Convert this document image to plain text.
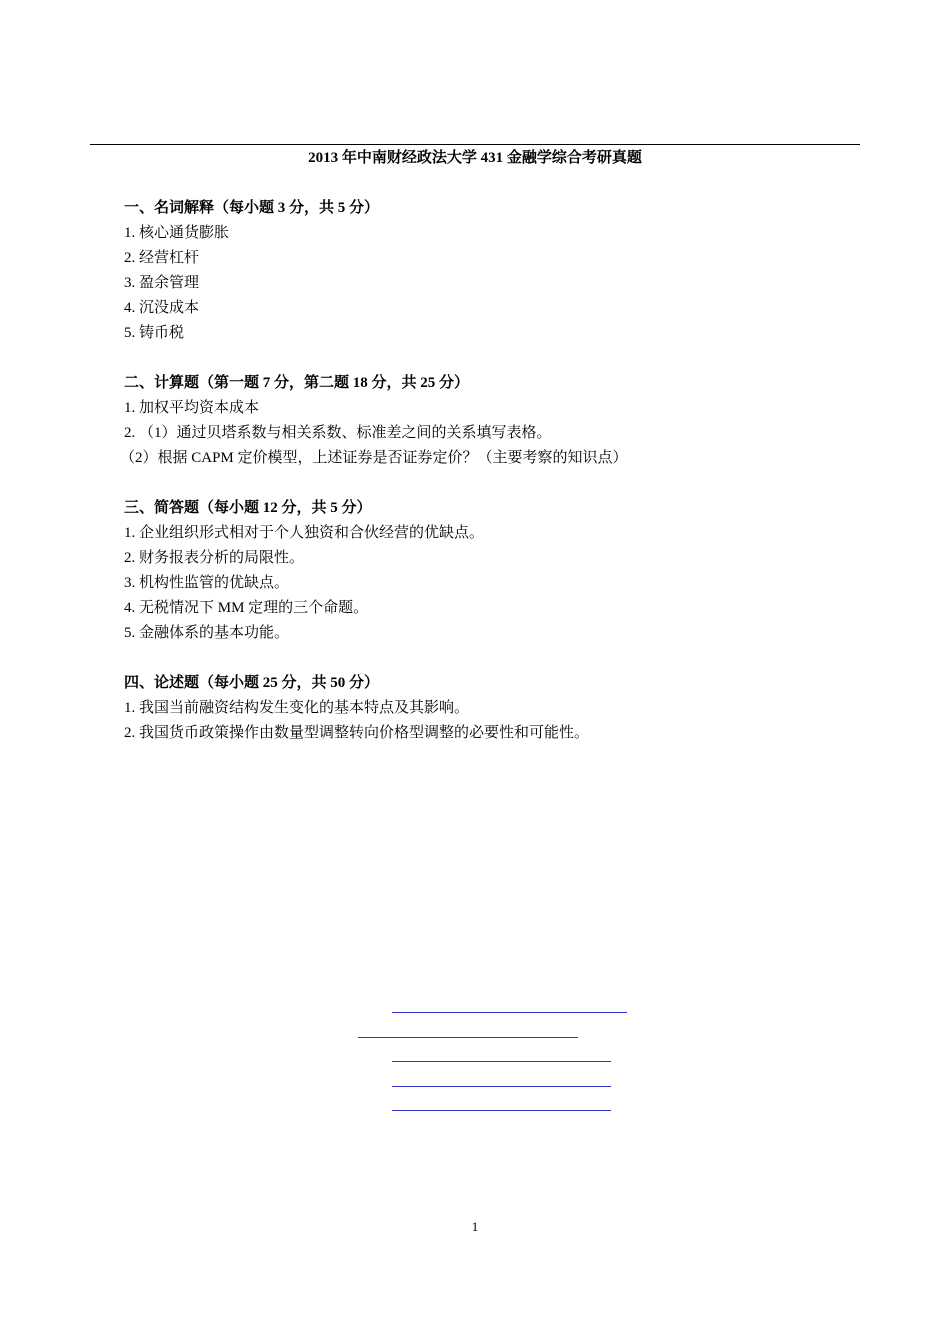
2013 年中南财经政法大学 431 金融学综合考研真题
一、名词解释（每小题 3 分，共 5 分）
1. 核心通货膨胀
2. 经营杠杆
3. 盈余管理
4. 沉没成本
5. 铸币税
二、计算题（第一题 7 分，第二题 18 分，共 25 分）
1. 加权平均资本成本
2. （1）通过贝塔系数与相关系数、标准差之间的关系填写表格。
（2）根据 CAPM 定价模型，上述证券是否证券定价？（主要考察的知识点）
三、简答题（每小题 12 分，共 5 分）
1. 企业组织形式相对于个人独资和合伙经营的优缺点。
2. 财务报表分析的局限性。
3. 机构性监管的优缺点。
4. 无税情况下 MM 定理的三个命题。
5. 金融体系的基本功能。
四、论述题（每小题 25 分，共 50 分）
1. 我国当前融资结构发生变化的基本特点及其影响。
2. 我国货币政策操作由数量型调整转向价格型调整的必要性和可能性。
1
